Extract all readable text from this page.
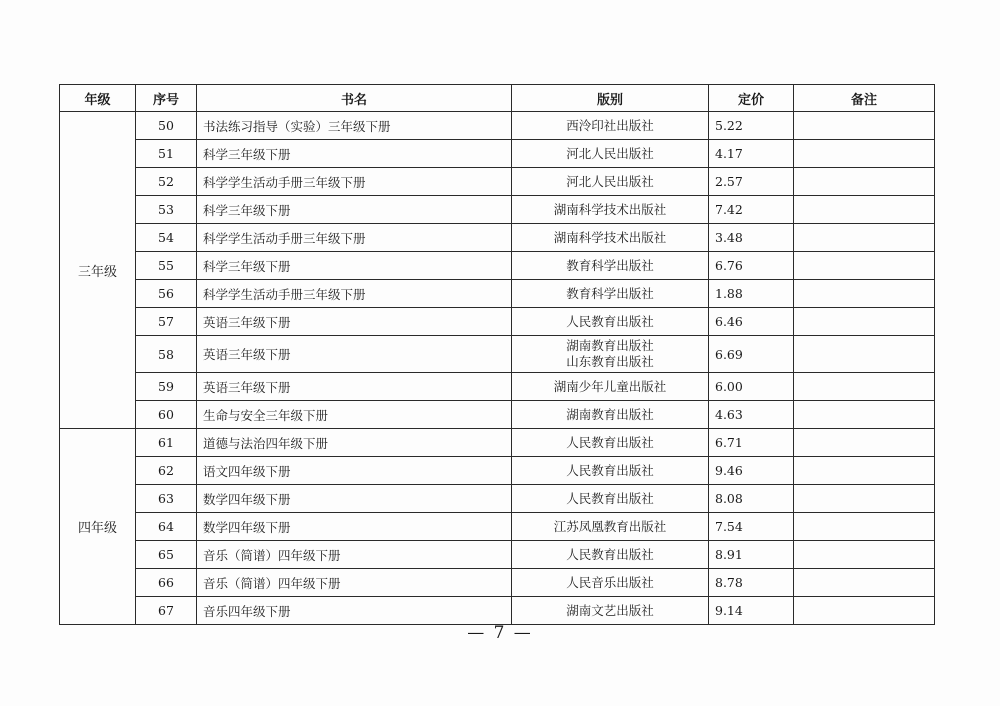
年级	序号	书名	版别	定价	备注
三年级	50	书法练习指导（实验）三年级下册	西泠印社出版社	5.22	
	51	科学三年级下册	河北人民出版社	4.17	
	52	科学学生活动手册三年级下册	河北人民出版社	2.57	
	53	科学三年级下册	湖南科学技术出版社	7.42	
	54	科学学生活动手册三年级下册	湖南科学技术出版社	3.48	
	55	科学三年级下册	教育科学出版社	6.76	
	56	科学学生活动手册三年级下册	教育科学出版社	1.88	
	57	英语三年级下册	人民教育出版社	6.46	
	58	英语三年级下册	湖南教育出版社
山东教育出版社	6.69	
	59	英语三年级下册	湖南少年儿童出版社	6.00	
	60	生命与安全三年级下册	湖南教育出版社	4.63	
四年级	61	道德与法治四年级下册	人民教育出版社	6.71	
	62	语文四年级下册	人民教育出版社	9.46	
	63	数学四年级下册	人民教育出版社	8.08	
	64	数学四年级下册	江苏凤凰教育出版社	7.54	
	65	音乐（简谱）四年级下册	人民教育出版社	8.91	
	66	音乐（简谱）四年级下册	人民音乐出版社	8.78	
	67	音乐四年级下册	湖南文艺出版社	9.14	
— 7 —
